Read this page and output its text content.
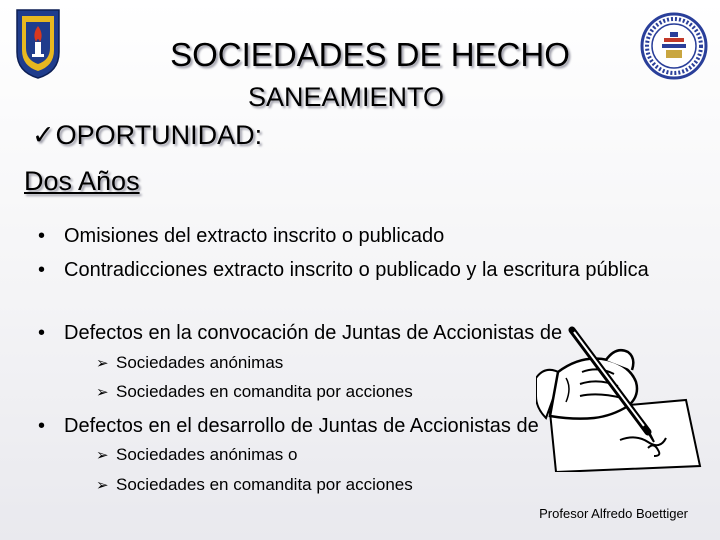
SOCIEDADES DE HECHO
SANEAMIENTO
✓OPORTUNIDAD:
Dos Años
• Omisiones del extracto inscrito o publicado
• Contradicciones extracto inscrito o publicado y la escritura pública
• Defectos en la convocación de Juntas de Accionistas de
➢ Sociedades anónimas
➢ Sociedades en comandita por acciones
• Defectos en el desarrollo de Juntas de Accionistas de
➢ Sociedades anónimas o
➢ Sociedades en comandita por acciones
Profesor Alfredo Boettiger
